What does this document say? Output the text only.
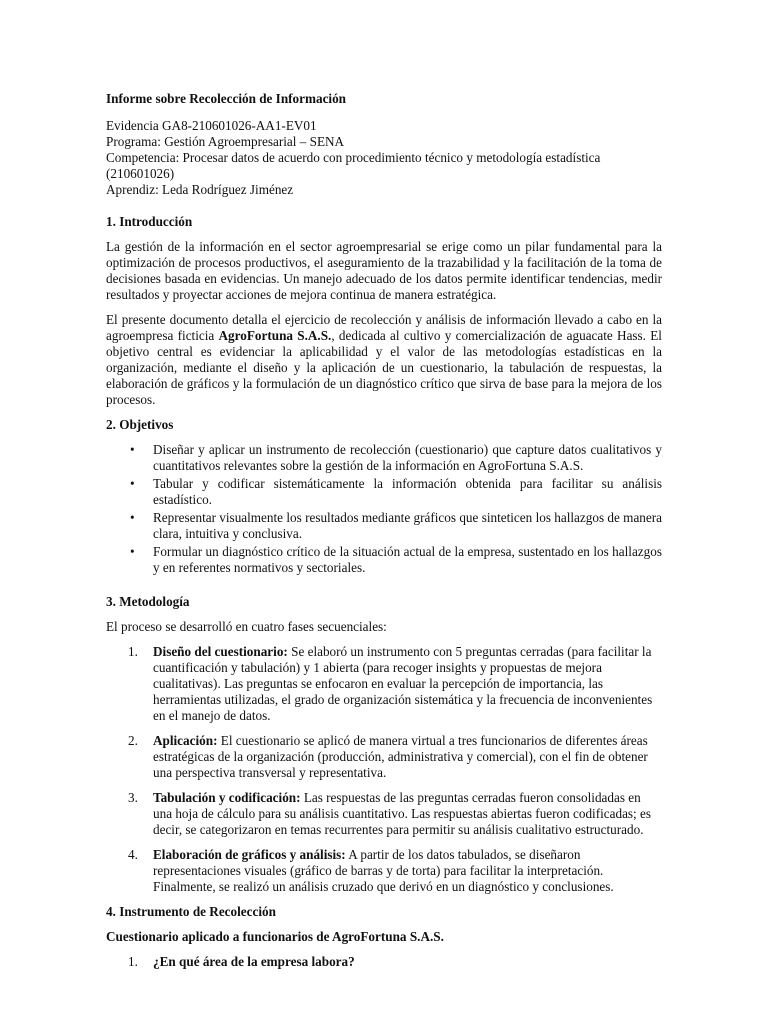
Informe sobre Recolección de Información
Evidencia GA8-210601026-AA1-EV01
Programa: Gestión Agroempresarial – SENA
Competencia: Procesar datos de acuerdo con procedimiento técnico y metodología estadística (210601026)
Aprendiz: Leda Rodríguez Jiménez
1. Introducción

La gestión de la información en el sector agroempresarial se erige como un pilar fundamental para la optimización de procesos productivos, el aseguramiento de la trazabilidad y la facilitación de la toma de decisiones basada en evidencias. Un manejo adecuado de los datos permite identificar tendencias, medir resultados y proyectar acciones de mejora continua de manera estratégica.

El presente documento detalla el ejercicio de recolección y análisis de información llevado a cabo en la agroempresa ficticia AgroFortuna S.A.S., dedicada al cultivo y comercialización de aguacate Hass. El objetivo central es evidenciar la aplicabilidad y el valor de las metodologías estadísticas en la organización, mediante el diseño y la aplicación de un cuestionario, la tabulación de respuestas, la elaboración de gráficos y la formulación de un diagnóstico crítico que sirva de base para la mejora de los procesos.

2. Objetivos
• Diseñar y aplicar un instrumento de recolección (cuestionario) que capture datos cualitativos y cuantitativos relevantes sobre la gestión de la información en AgroFortuna S.A.S.
• Tabular y codificar sistemáticamente la información obtenida para facilitar su análisis estadístico.
• Representar visualmente los resultados mediante gráficos que sinteticen los hallazgos de manera clara, intuitiva y conclusiva.
• Formular un diagnóstico crítico de la situación actual de la empresa, sustentado en los hallazgos y en referentes normativos y sectoriales.
3. Metodología

El proceso se desarrolló en cuatro fases secuenciales:

1. Diseño del cuestionario: Se elaboró un instrumento con 5 preguntas cerradas (para facilitar la cuantificación y tabulación) y 1 abierta (para recoger insights y propuestas de mejora cualitativas). Las preguntas se enfocaron en evaluar la percepción de importancia, las herramientas utilizadas, el grado de organización sistemática y la frecuencia de inconvenientes en el manejo de datos.
2. Aplicación: El cuestionario se aplicó de manera virtual a tres funcionarios de diferentes áreas estratégicas de la organización (producción, administrativa y comercial), con el fin de obtener una perspectiva transversal y representativa.
3. Tabulación y codificación: Las respuestas de las preguntas cerradas fueron consolidadas en una hoja de cálculo para su análisis cuantitativo. Las respuestas abiertas fueron codificadas; es decir, se categorizaron en temas recurrentes para permitir su análisis cualitativo estructurado.
4. Elaboración de gráficos y análisis: A partir de los datos tabulados, se diseñaron representaciones visuales (gráfico de barras y de torta) para facilitar la interpretación. Finalmente, se realizó un análisis cruzado que derivó en un diagnóstico y conclusiones.
4. Instrumento de Recolección

Cuestionario aplicado a funcionarios de AgroFortuna S.A.S.

1. ¿En qué área de la empresa labora?
